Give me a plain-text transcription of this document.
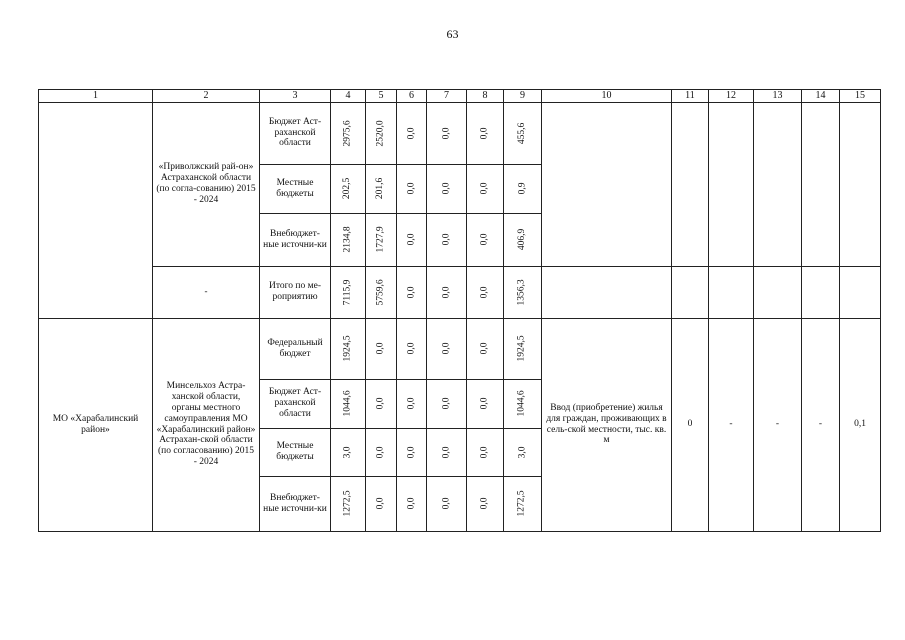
63
1	2	3	4	5	6	7	8	9	10	11	12	13	14	15

	«Приволжский рай-он» Астраханской области (по согла-сованию) 2015 - 2024	Бюджет Аст-раханской области	2975,6	2520,0	0,0	0,0	0,0	455,6						

		Местные бюджеты	202,5	201,6	0,0	0,0	0,0	0,9						

		Внебюджет-ные источни-ки	2134,8	1727,9	0,0	0,0	0,0	406,9						
	-	Итого по ме-роприятию	7115,9	5759,6	0,0	0,0	0,0	1356,3						

МО «Харабалинский район»	Минсельхоз Астра-ханской области, органы местного самоуправления МО «Харабалинский район» Астрахан-ской области (по согласованию) 2015 - 2024	Федеральный бюджет	1924,5	0,0	0,0	0,0	0,0	1924,5	Ввод (приобретение) жилья для граждан, проживающих в сель-ской местности, тыс. кв. м	0	-	-	-	0,1

		Бюджет Аст-раханской области	1044,6	0,0	0,0	0,0	0,0	1044,6						

		Местные бюджеты	3,0	0,0	0,0	0,0	0,0	3,0						

		Внебюджет-ные источни-ки	1272,5	0,0	0,0	0,0	0,0	1272,5						
